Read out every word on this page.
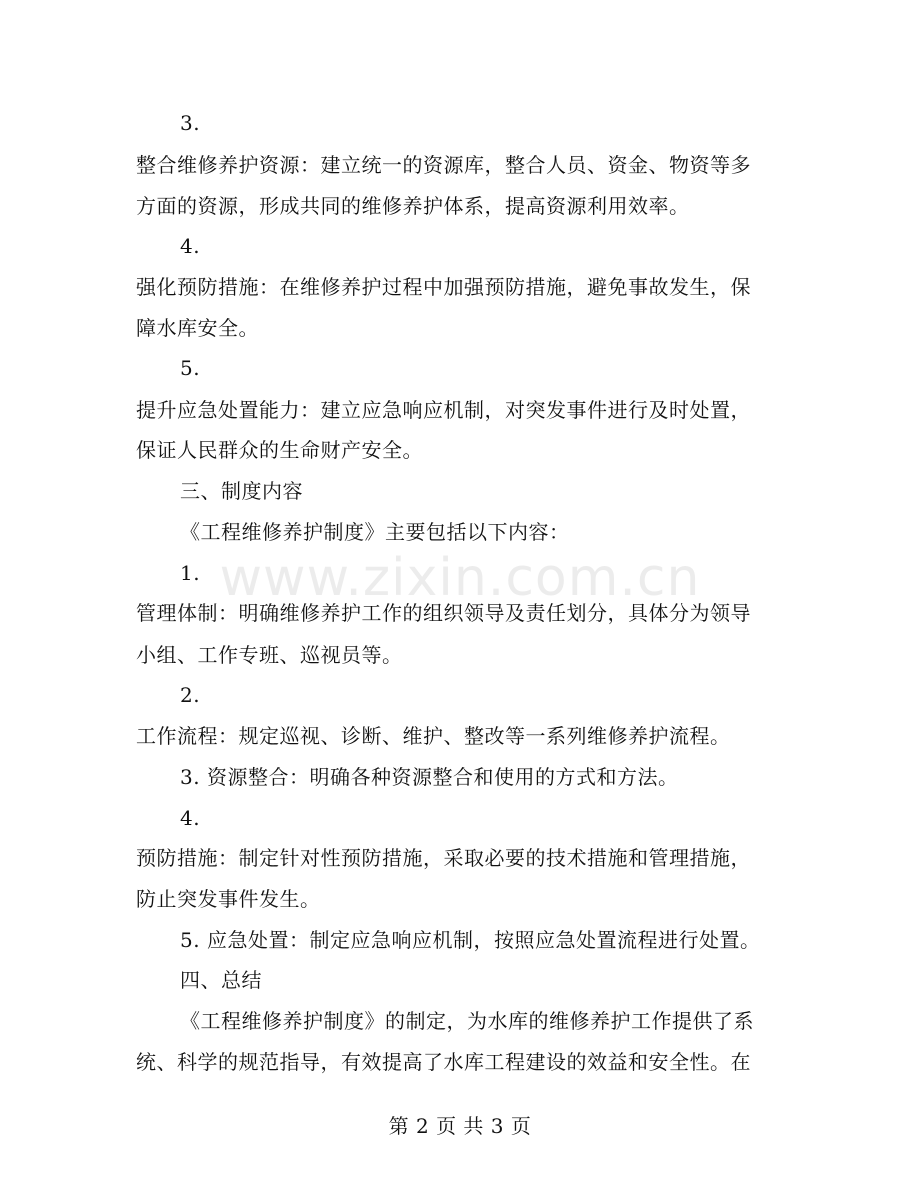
www.zixin.com.cn
3.
整合维修养护资源：建立统一的资源库，整合人员、资金、物资等多
方面的资源，形成共同的维修养护体系，提高资源利用效率。
4.
强化预防措施：在维修养护过程中加强预防措施，避免事故发生，保
障水库安全。
5.
提升应急处置能力：建立应急响应机制，对突发事件进行及时处置，
保证人民群众的生命财产安全。
三、制度内容
《工程维修养护制度》主要包括以下内容：
1.
管理体制：明确维修养护工作的组织领导及责任划分，具体分为领导
小组、工作专班、巡视员等。
2.
工作流程：规定巡视、诊断、维护、整改等一系列维修养护流程。
3. 资源整合：明确各种资源整合和使用的方式和方法。
4.
预防措施：制定针对性预防措施，采取必要的技术措施和管理措施，
防止突发事件发生。
5. 应急处置：制定应急响应机制，按照应急处置流程进行处置。
四、总结
《工程维修养护制度》的制定，为水库的维修养护工作提供了系
统、科学的规范指导，有效提高了水库工程建设的效益和安全性。在
第 2 页 共 3 页
